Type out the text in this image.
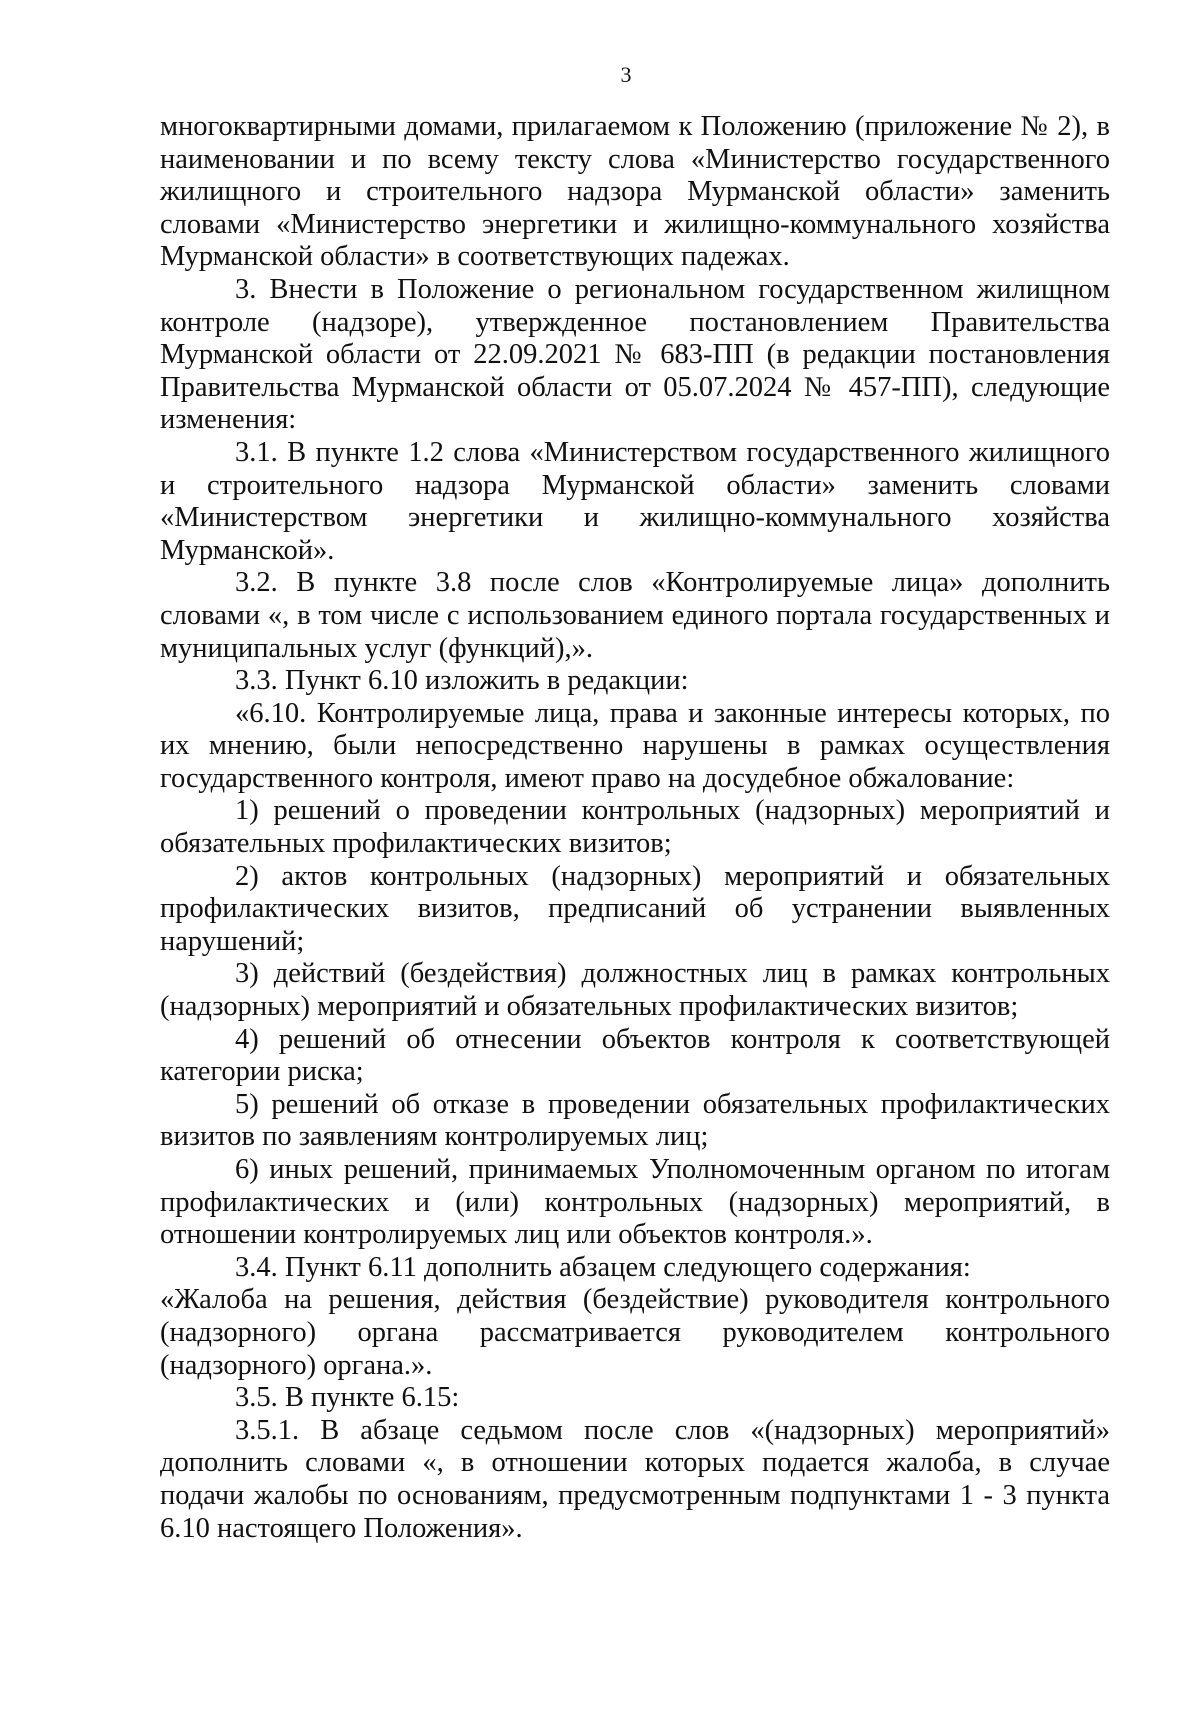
3

многоквартирными домами, прилагаемом к Положению (приложение № 2), в наименовании и по всему тексту слова «Министерство государственного жилищного и строительного надзора Мурманской области» заменить словами «Министерство энергетики и жилищно-коммунального хозяйства Мурманской области» в соответствующих падежах.

3. Внести в Положение о региональном государственном жилищном контроле (надзоре), утвержденное постановлением Правительства Мурманской области от 22.09.2021 № 683-ПП (в редакции постановления Правительства Мурманской области от 05.07.2024 № 457-ПП), следующие изменения:

3.1. В пункте 1.2 слова «Министерством государственного жилищного и строительного надзора Мурманской области» заменить словами «Министерством энергетики и жилищно-коммунального хозяйства Мурманской».

3.2. В пункте 3.8 после слов «Контролируемые лица» дополнить словами «, в том числе с использованием единого портала государственных и муниципальных услуг (функций),».

3.3. Пункт 6.10 изложить в редакции:

«6.10. Контролируемые лица, права и законные интересы которых, по их мнению, были непосредственно нарушены в рамках осуществления государственного контроля, имеют право на досудебное обжалование:

1) решений о проведении контрольных (надзорных) мероприятий и обязательных профилактических визитов;

2) актов контрольных (надзорных) мероприятий и обязательных профилактических визитов, предписаний об устранении выявленных нарушений;

3) действий (бездействия) должностных лиц в рамках контрольных (надзорных) мероприятий и обязательных профилактических визитов;

4) решений об отнесении объектов контроля к соответствующей категории риска;

5) решений об отказе в проведении обязательных профилактических визитов по заявлениям контролируемых лиц;

6) иных решений, принимаемых Уполномоченным органом по итогам профилактических и (или) контрольных (надзорных) мероприятий, в отношении контролируемых лиц или объектов контроля.».

3.4. Пункт 6.11 дополнить абзацем следующего содержания:

«Жалоба на решения, действия (бездействие) руководителя контрольного (надзорного) органа рассматривается руководителем контрольного (надзорного) органа.».

3.5. В пункте 6.15:

3.5.1. В абзаце седьмом после слов «(надзорных) мероприятий» дополнить словами «, в отношении которых подается жалоба, в случае подачи жалобы по основаниям, предусмотренным подпунктами 1 - 3 пункта 6.10 настоящего Положения».
